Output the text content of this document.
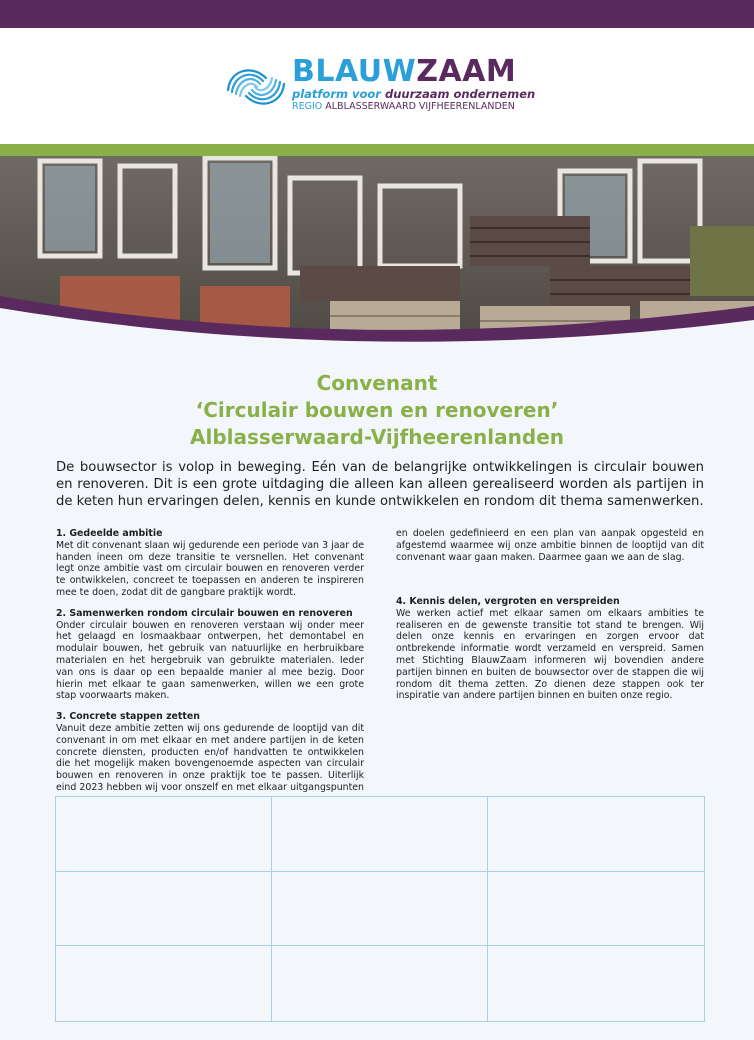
BLAUWZAAM
platform voor duurzaam ondernemen
REGIO ALBLASSERWAARD VIJFHEERENLANDEN
Convenant
‘Circulair bouwen en renoveren’
Alblasserwaard-Vijfheerenlanden
De bouwsector is volop in beweging. Eén van de belangrijke ontwikkelingen is circulair bouwen en renoveren. Dit is een grote uitdaging die alleen kan alleen gerealiseerd worden als partijen in de keten hun ervaringen delen, kennis en kunde ontwikkelen en rondom dit thema samenwerken.
1. Gedeelde ambitie

Met dit convenant slaan wij gedurende een periode van 3 jaar de handen ineen om deze transitie te versnellen. Het convenant legt onze ambitie vast om circulair bouwen en renoveren verder te ontwikkelen, concreet te toepassen en anderen te inspireren mee te doen, zodat dit de gangbare praktijk wordt.

2. Samenwerken rondom circulair bouwen en renoveren

Onder circulair bouwen en renoveren verstaan wij onder meer het gelaagd en losmaakbaar ontwerpen, het demontabel en modulair bouwen, het gebruik van natuurlijke en herbruikbare materialen en het hergebruik van gebruikte materialen. Ieder van ons is daar op een bepaalde manier al mee bezig. Door hierin met elkaar te gaan samenwerken, willen we een grote stap voorwaarts maken.

3. Concrete stappen zetten

Vanuit deze ambitie zetten wij ons gedurende de looptijd van dit convenant in om met elkaar en met andere partijen in de keten concrete diensten, producten en/of handvatten te ontwikkelen die het mogelijk maken bovengenoemde aspecten van circulair bouwen en renoveren in onze praktijk toe te passen. Uiterlijk eind 2023 hebben wij voor onszelf en met elkaar uitgangspunten

en doelen gedefinieerd en een plan van aanpak opgesteld en afgestemd waarmee wij onze ambitie binnen de looptijd van dit convenant waar gaan maken. Daarmee gaan we aan de slag.

4. Kennis delen, vergroten en verspreiden

We werken actief met elkaar samen om elkaars ambities te realiseren en de gewenste transitie tot stand te brengen. Wij delen onze kennis en ervaringen en zorgen ervoor dat ontbrekende informatie wordt verzameld en verspreid. Samen met Stichting BlauwZaam informeren wij bovendien andere partijen binnen en buiten de bouwsector over de stappen die wij rondom dit thema zetten. Zo dienen deze stappen ook ter inspiratie van andere partijen binnen en buiten onze regio.
